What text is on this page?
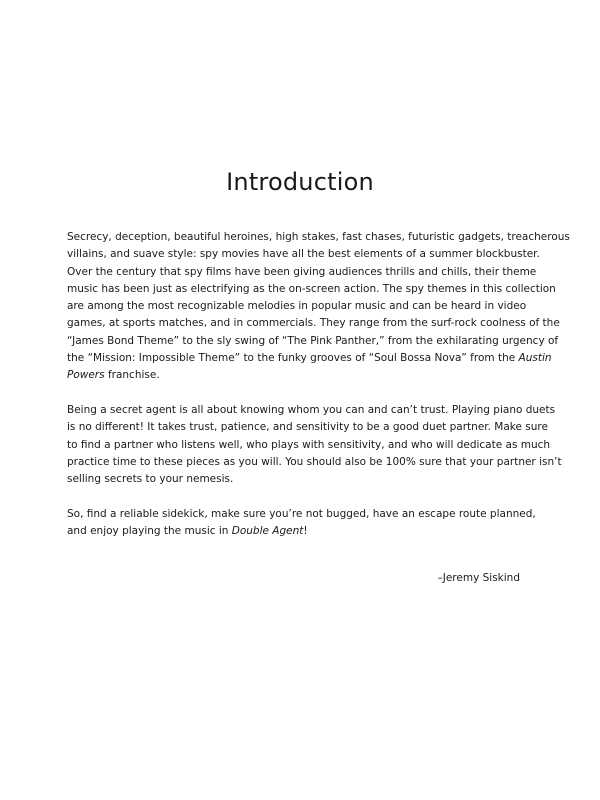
Introduction

Secrecy, deception, beautiful heroines, high stakes, fast chases, futuristic gadgets, treacherous
villains, and suave style: spy movies have all the best elements of a summer blockbuster.
Over the century that spy films have been giving audiences thrills and chills, their theme
music has been just as electrifying as the on-screen action. The spy themes in this collection
are among the most recognizable melodies in popular music and can be heard in video
games, at sports matches, and in commercials. They range from the surf-rock coolness of the
“James Bond Theme” to the sly swing of “The Pink Panther,” from the exhilarating urgency of
the “Mission: Impossible Theme” to the funky grooves of “Soul Bossa Nova” from the Austin
Powers franchise.

Being a secret agent is all about knowing whom you can and can’t trust. Playing piano duets
is no different! It takes trust, patience, and sensitivity to be a good duet partner. Make sure
to find a partner who listens well, who plays with sensitivity, and who will dedicate as much
practice time to these pieces as you will. You should also be 100% sure that your partner isn’t
selling secrets to your nemesis.

So, find a reliable sidekick, make sure you’re not bugged, have an escape route planned,
and enjoy playing the music in Double Agent!

–Jeremy Siskind
